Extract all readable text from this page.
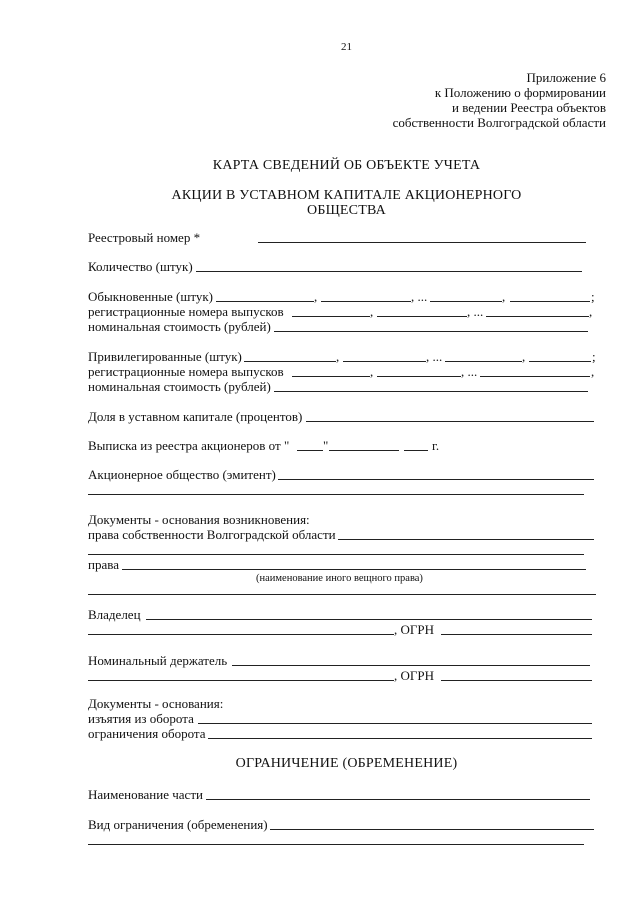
21
Приложение 6
к Положению о формировании
и ведении Реестра объектов
собственности Волгоградской области
КАРТА СВЕДЕНИЙ ОБ ОБЪЕКТЕ УЧЕТА
АКЦИИ В УСТАВНОМ КАПИТАЛЕ АКЦИОНЕРНОГО
ОБЩЕСТВА
Реестровый номер *
Количество (штук)
Обыкновенные (штук)	,	, ...	,	;
регистрационные номера выпусков	,	, ...	,
номинальная стоимость (рублей)
Привилегированные (штук)	,	, ...	,	;
регистрационные номера выпусков	,	, ...	,
номинальная стоимость (рублей)
Доля в уставном капитале (процентов)
Выписка из реестра акционеров от "	"	г.
Акционерное общество (эмитент)
Документы - основания возникновения:
права собственности Волгоградской области
права
(наименование иного вещного права)
Владелец
, ОГРН
Номинальный держатель
, ОГРН
Документы - основания:
изъятия из оборота
ограничения оборота
ОГРАНИЧЕНИЕ (ОБРЕМЕНЕНИЕ)
Наименование части
Вид ограничения (обременения)
